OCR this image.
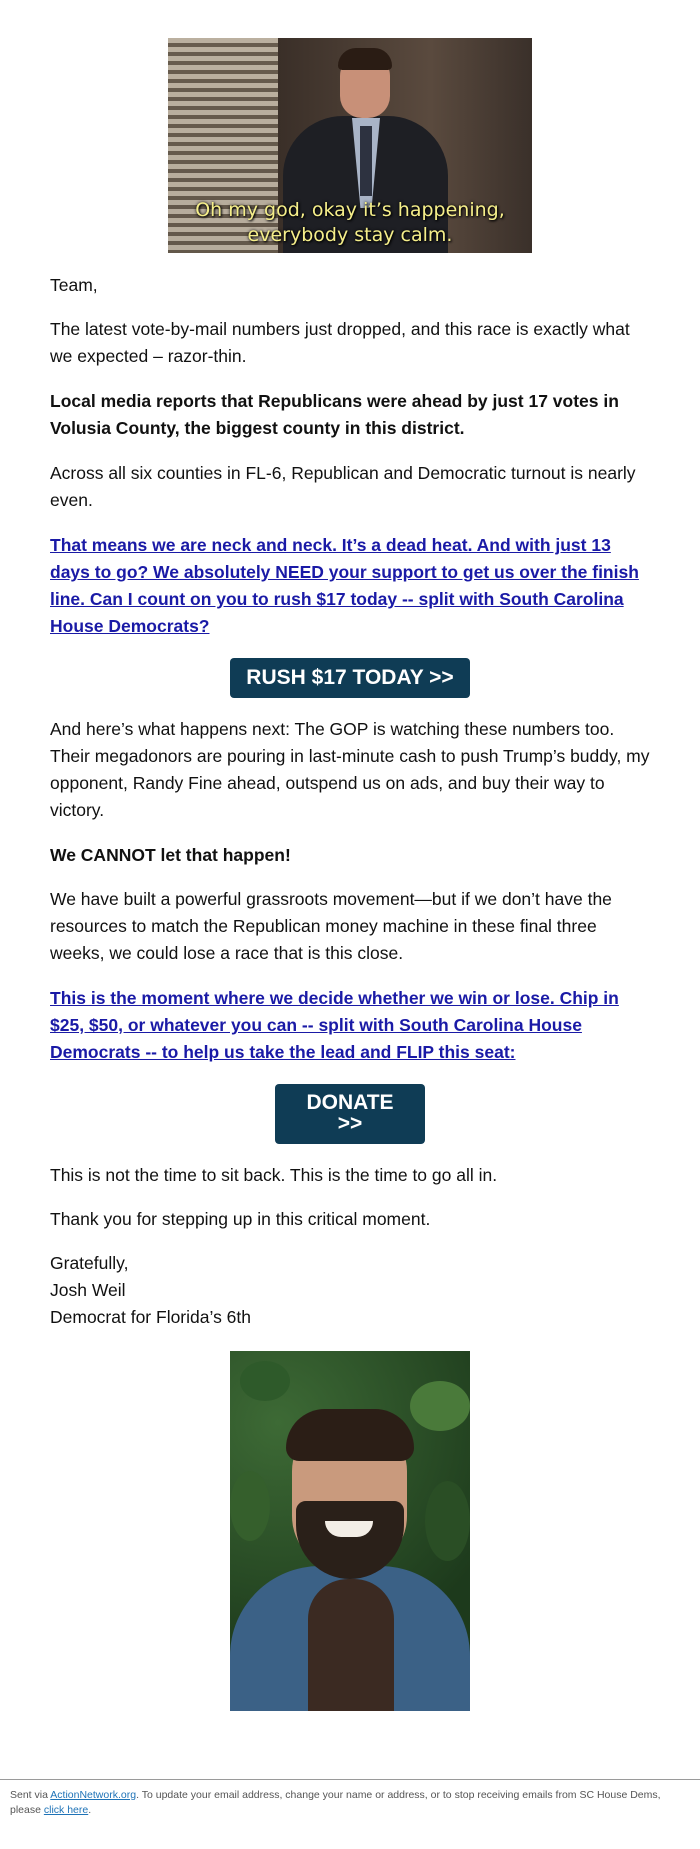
Oh my god, okay it’s happening,
everybody stay calm.

Team,

The latest vote-by-mail numbers just dropped, and this race is exactly what we expected – razor-thin.

Local media reports that Republicans were ahead by just 17 votes in Volusia County, the biggest county in this district.

Across all six counties in FL-6, Republican and Democratic turnout is nearly even.

That means we are neck and neck. It’s a dead heat. And with just 13 days to go? We absolutely NEED your support to get us over the finish line. Can I count on you to rush $17 today -- split with South Carolina House Democrats?

RUSH $17 TODAY >>

And here’s what happens next: The GOP is watching these numbers too. Their megadonors are pouring in last-minute cash to push Trump’s buddy, my opponent, Randy Fine ahead, outspend us on ads, and buy their way to victory.

We CANNOT let that happen!

We have built a powerful grassroots movement—but if we don’t have the resources to match the Republican money machine in these final three weeks, we could lose a race that is this close.

This is the moment where we decide whether we win or lose. Chip in $25, $50, or whatever you can -- split with South Carolina House Democrats -- to help us take the lead and FLIP this seat:

DONATE
>>

This is not the time to sit back. This is the time to go all in.

Thank you for stepping up in this critical moment.

Gratefully,
Josh Weil
Democrat for Florida’s 6th
Sent via ActionNetwork.org. To update your email address, change your name or address, or to stop receiving emails from SC House Dems, please click here.
